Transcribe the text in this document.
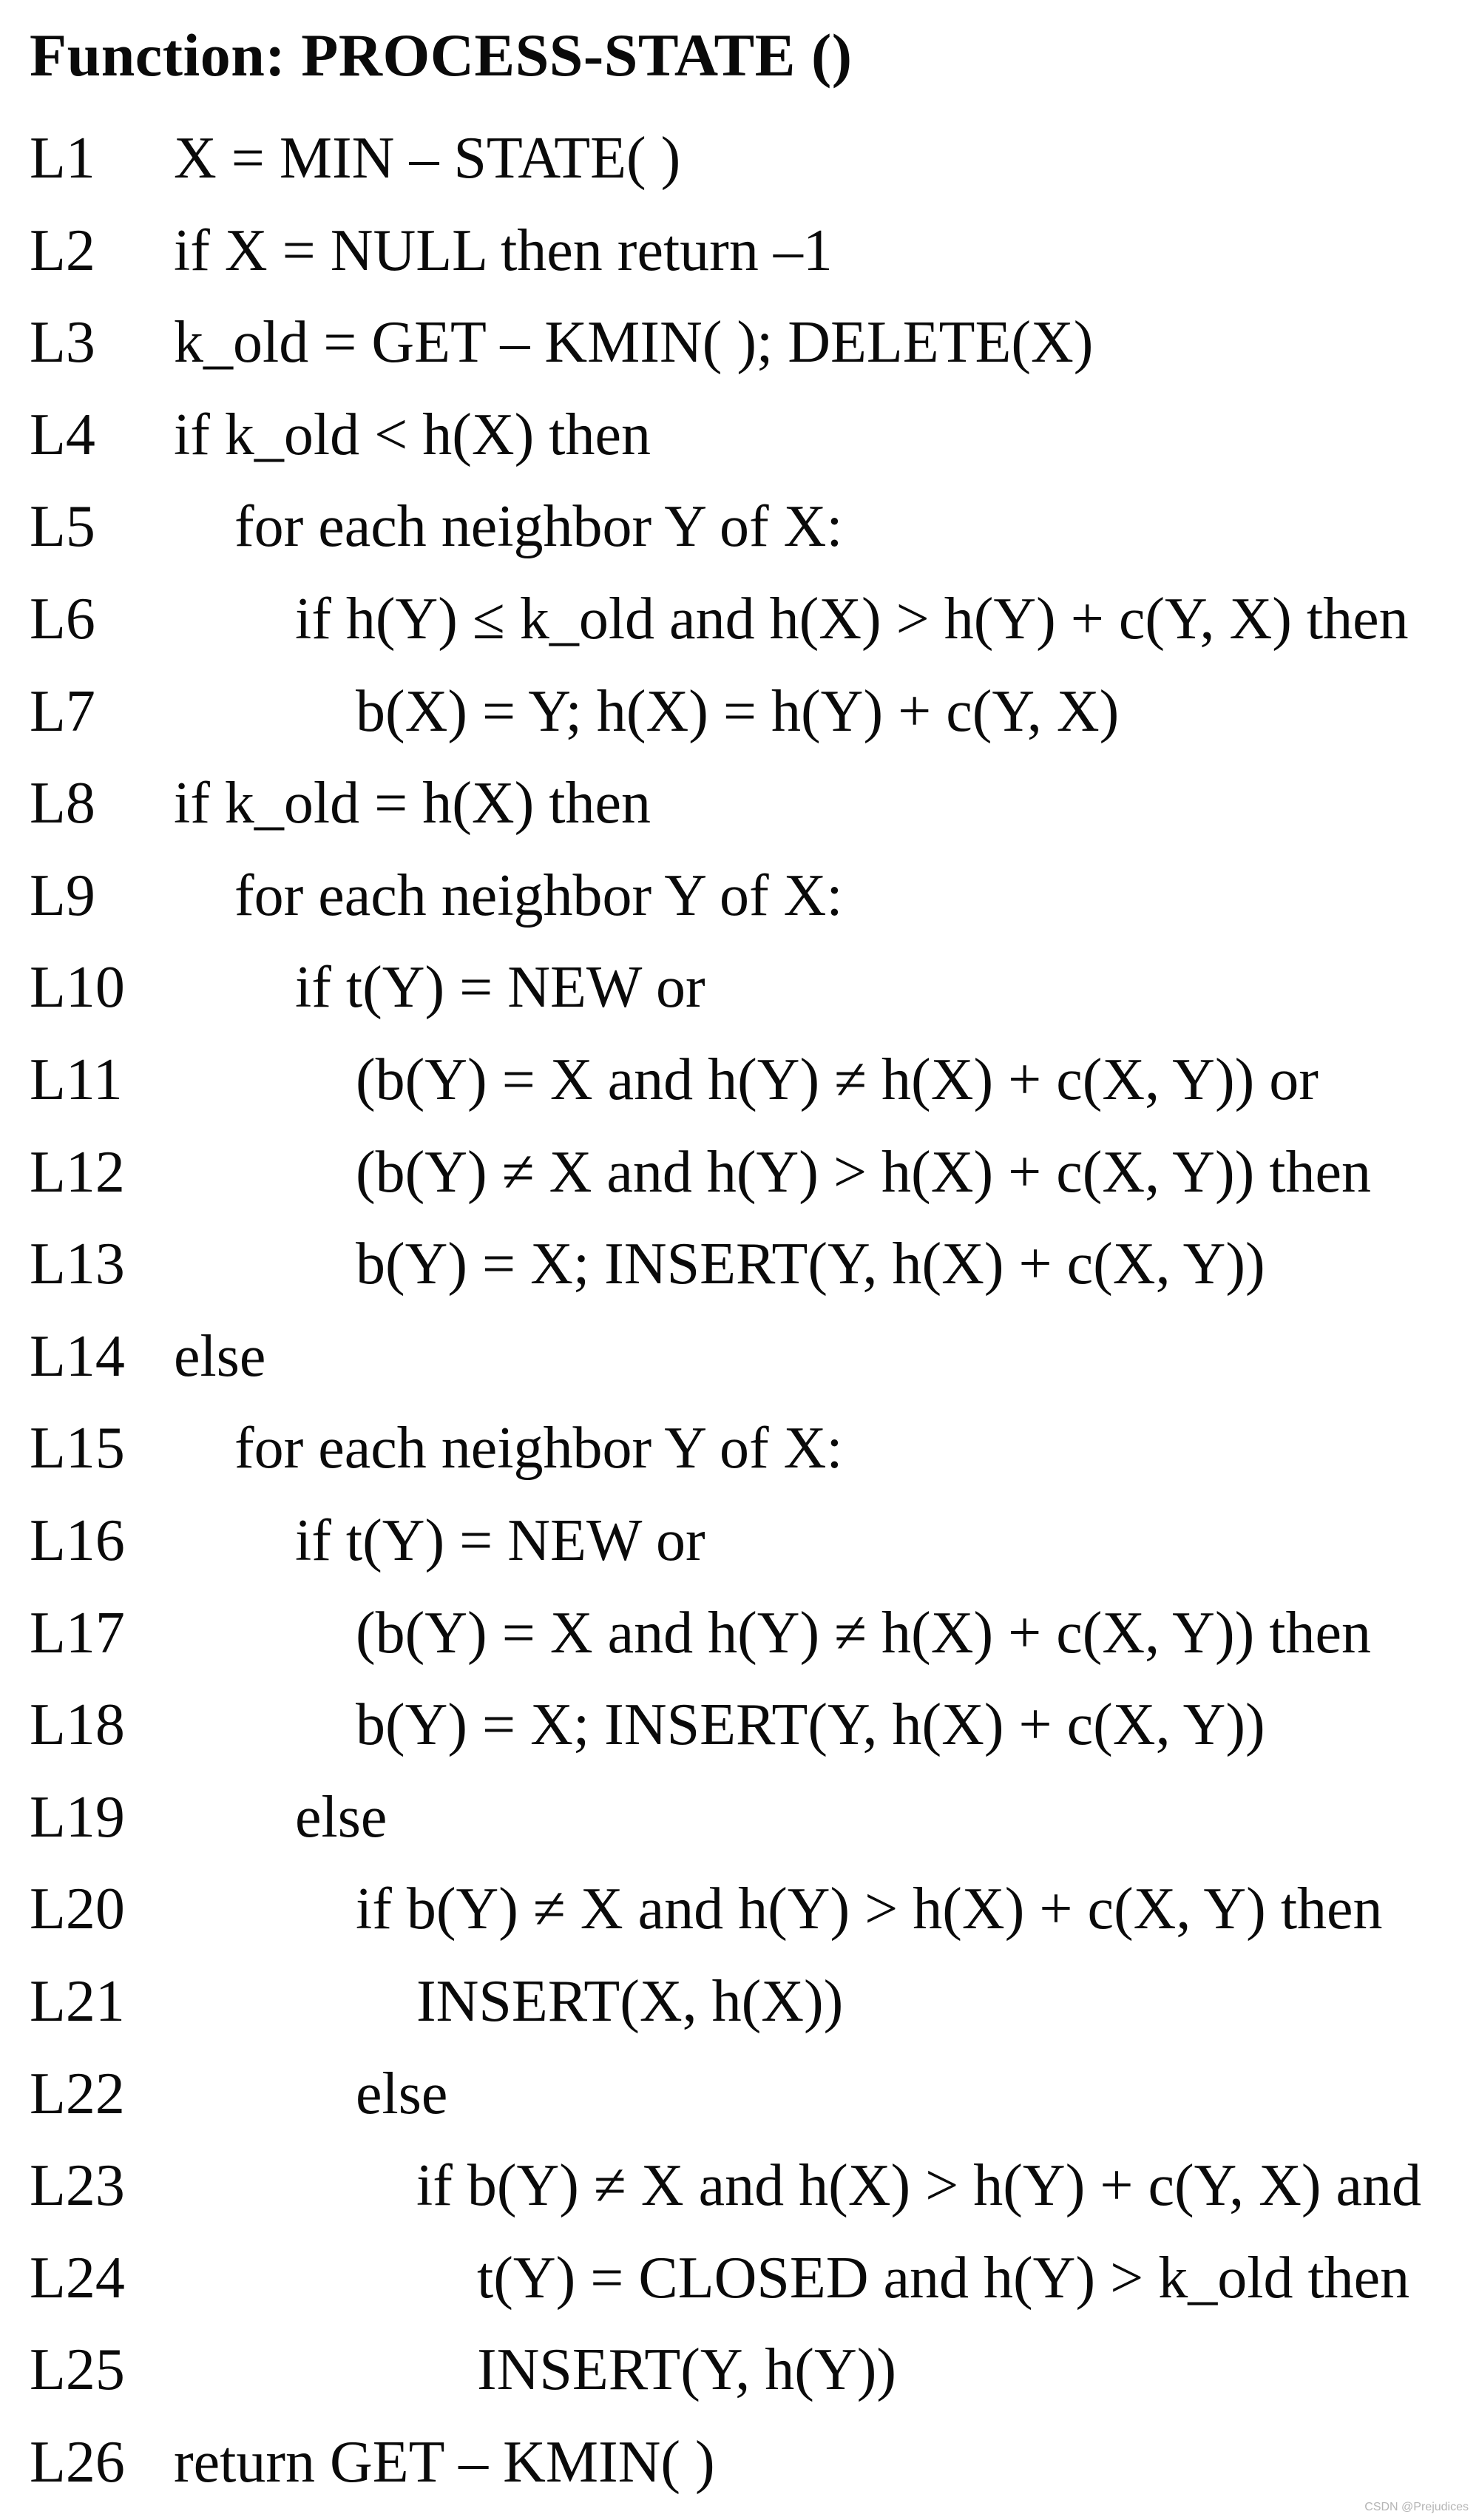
Function: PROCESS-STATE ()
L1 X = MIN – STATE( )
L2 if X = NULL then return –1
L3 k_old = GET – KMIN( ); DELETE(X)
L4 if k_old < h(X) then
L5 for each neighbor Y of X:
L6	if h(Y) ≤ k_old and h(X) > h(Y) + c(Y, X) then
L7	b(X) = Y; h(X) = h(Y) + c(Y, X)
L8 if k_old = h(X) then
L9 for each neighbor Y of X:
L10	if t(Y) = NEW or
L11	(b(Y) = X and h(Y) ≠ h(X) + c(X, Y)) or
L12	(b(Y) ≠ X and h(Y) > h(X) + c(X, Y)) then
L13	b(Y) = X; INSERT(Y, h(X) + c(X, Y))
L14 else
L15 for each neighbor Y of X:
L16	if t(Y) = NEW or
L17	(b(Y) = X and h(Y) ≠ h(X) + c(X, Y)) then
L18	b(Y) = X; INSERT(Y, h(X) + c(X, Y))
L19	else
L20	if b(Y) ≠ X and h(Y) > h(X) + c(X, Y) then
L21	INSERT(X, h(X))
L22	else
L23	if b(Y) ≠ X and h(X) > h(Y) + c(Y, X) and
L24	t(Y) = CLOSED and h(Y) > k_old then
L25	INSERT(Y, h(Y))
L26 return GET – KMIN( )
CSDN @Prejudices
